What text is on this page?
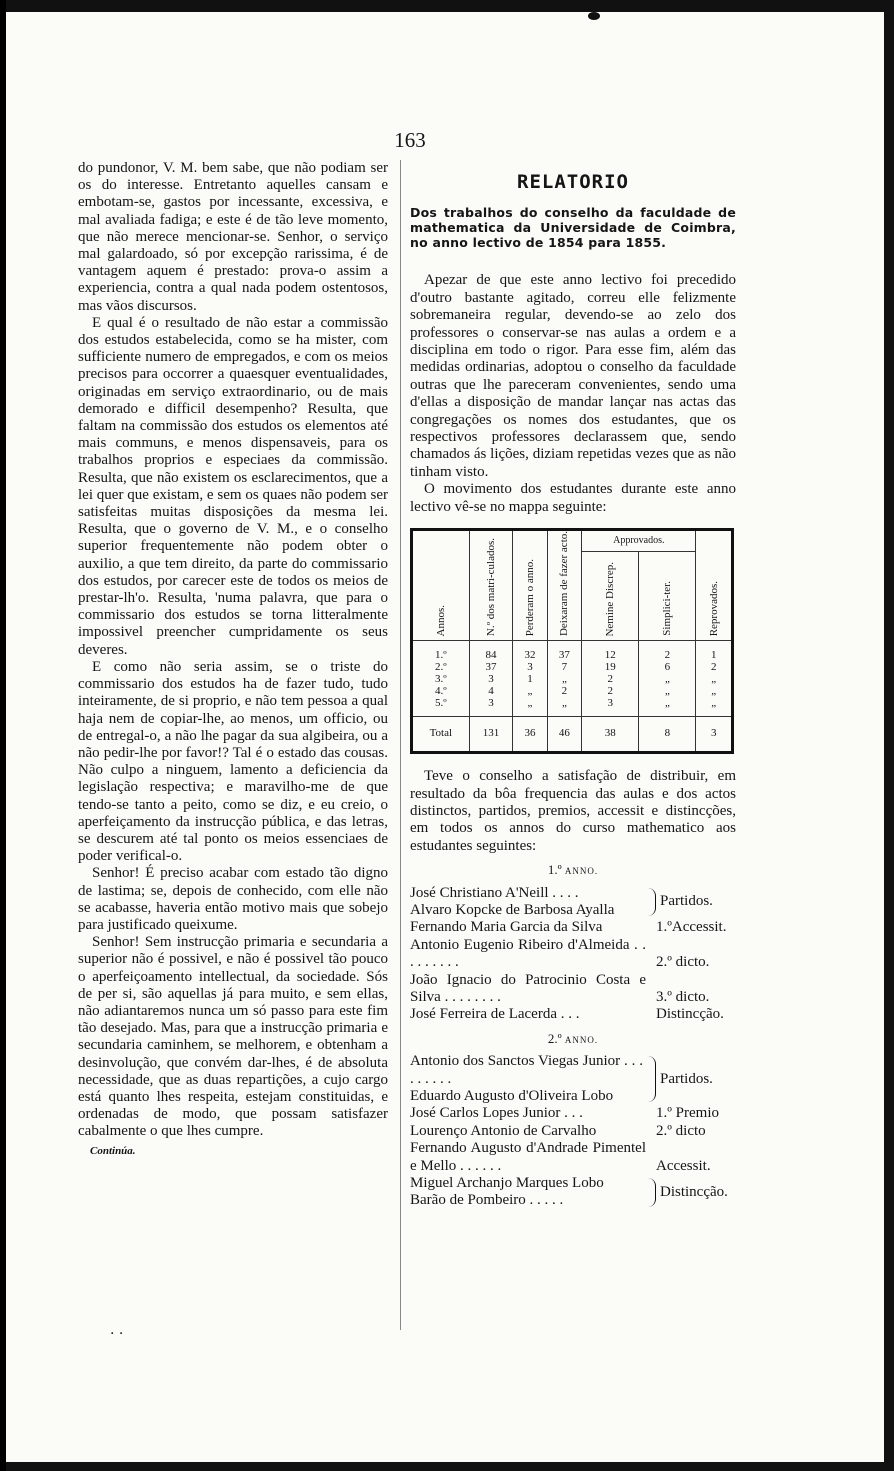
163

do pundonor, V. M. bem sabe, que não podiam ser os do interesse. Entretanto aquelles cansam e embotam-se, gastos por incessante, excessiva, e mal avaliada fadiga; e este é de tão leve momento, que não merece mencionar-se. Senhor, o serviço mal galardoado, só por excepção rarissima, é de vantagem aquem é prestado: prova-o assim a experiencia, contra a qual nada podem ostentosos, mas vãos discursos.

E qual é o resultado de não estar a commissão dos estudos estabelecida, como se ha mister, com sufficiente numero de empregados, e com os meios precisos para occorrer a quaesquer eventualidades, originadas em serviço extraordinario, ou de mais demorado e difficil desempenho? Resulta, que faltam na commissão dos estudos os elementos até mais communs, e menos dispensaveis, para os trabalhos proprios e especiaes da commissão. Resulta, que não existem os esclarecimentos, que a lei quer que existam, e sem os quaes não podem ser satisfeitas muitas disposições da mesma lei. Resulta, que o governo de V. M., e o conselho superior frequentemente não podem obter o auxilio, a que tem direito, da parte do commissario dos estudos, por carecer este de todos os meios de prestar-lh'o. Resulta, 'numa palavra, que para o commissario dos estudos se torna litteralmente impossivel preencher cumpridamente os seus deveres.

E como não seria assim, se o triste do commissario dos estudos ha de fazer tudo, tudo inteiramente, de si proprio, e não tem pessoa a qual haja nem de copiar-lhe, ao menos, um officio, ou de entregal-o, a não lhe pagar da sua algibeira, ou a não pedir-lhe por favor!? Tal é o estado das cousas. Não culpo a ninguem, lamento a deficiencia da legislação respectiva; e maravilho-me de que tendo-se tanto a peito, como se diz, e eu creio, o aperfeiçamento da instrucção pública, e das letras, se descurem até tal ponto os meios essenciaes de poder verifical-o.

Senhor! É preciso acabar com estado tão digno de lastima; se, depois de conhecido, com elle não se acabasse, haveria então motivo mais que sobejo para justificado queixume.

Senhor! Sem instrucção primaria e secundaria a superior não é possivel, e não é possivel tão pouco o aperfeiçoamento intellectual, da sociedade. Sós de per si, são aquellas já para muito, e sem ellas, não adiantaremos nunca um só passo para este fim tão desejado. Mas, para que a instrucção primaria e secundaria caminhem, se melhorem, e obtenham a desinvolução, que convém dar-lhes, é de absoluta necessidade, que as duas repartições, a cujo cargo está quanto lhes respeita, estejam constituidas, e ordenadas de modo, que possam satisfazer cabalmente o que lhes cumpre.

Continúa.
. .
RELATORIO
Dos trabalhos do conselho da faculdade de mathematica da Universidade de Coimbra, no anno lectivo de 1854 para 1855.

Apezar de que este anno lectivo foi precedido d'outro bastante agitado, correu elle felizmente sobremaneira regular, devendo-se ao zelo dos professores o conservar-se nas aulas a ordem e a disciplina em todo o rigor. Para esse fim, além das medidas ordinarias, adoptou o conselho da faculdade outras que lhe pareceram convenientes, sendo uma d'ellas a disposição de mandar lançar nas actas das congregações os nomes dos estudantes, que os respectivos professores declarassem que, sendo chamados ás lições, diziam repetidas vezes que as não tinham visto.

O movimento dos estudantes durante este anno lectivo vê-se no mappa seguinte:

Annos.	N.º dos matri-culados.	Perderam o anno.	Deixaram de fazer acto.	Approvados.		Reprovados.

				Nemine Discrep.	Simplici-ter.	

1.º	84	32	37	12	2	1
2.º	37	3	7	19	6	2
3.º	3	1	„	2	„	„
4.º	4	„	2	2	„	„
5.º	3	„	„	3	„	„

Total	131	36	46	38	8	3

Teve o conselho a satisfação de distribuir, em resultado da bôa frequencia das aulas e dos actos distinctos, partidos, premios, accessit e distincções, em todos os annos do curso mathematico aos estudantes seguintes:

1.º ANNO.
José Christiano A'Neill . . . .
Alvaro Kopcke de Barbosa Ayalla
Partidos.
Fernando Maria Garcia da Silva	1.ºAccessit.
Antonio Eugenio Ribeiro d'Almeida . . . . . . . . .	2.º dicto.
João Ignacio do Patrocinio Costa e Silva . . . . . . . .	3.º dicto.
José Ferreira de Lacerda . . .	Distincção.
2.º ANNO.
Antonio dos Sanctos Viegas Junior . . . . . . . . .
Eduardo Augusto d'Oliveira Lobo
Partidos.
José Carlos Lopes Junior . . .	1.º Premio
Lourenço Antonio de Carvalho	2.º dicto
Fernando Augusto d'Andrade Pimentel e Mello . . . . . .	Accessit.
Miguel Archanjo Marques Lobo
Barão de Pombeiro . . . . .
Distincção.
